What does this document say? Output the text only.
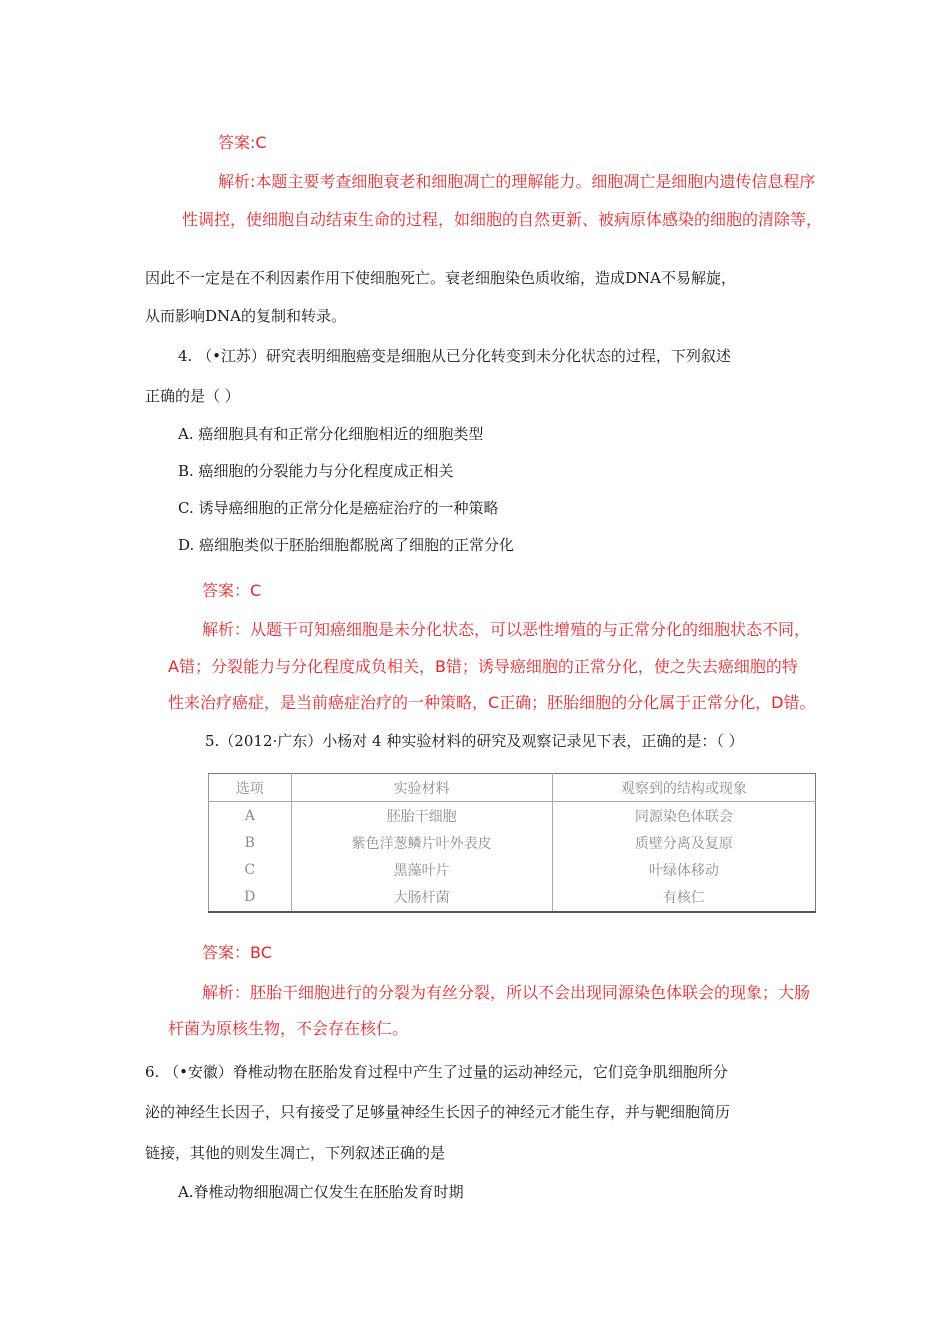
答案:C
解析:本题主要考查细胞衰老和细胞凋亡的理解能力。细胞凋亡是细胞内遗传信息程序
性调控，使细胞自动结束生命的过程，如细胞的自然更新、被病原体感染的细胞的清除等，
因此不一定是在不利因素作用下使细胞死亡。衰老细胞染色质收缩，造成DNA不易解旋，
从而影响DNA的复制和转录。
4. （•江苏）研究表明细胞癌变是细胞从已分化转变到未分化状态的过程，下列叙述
正确的是（ ）
A. 癌细胞具有和正常分化细胞相近的细胞类型
B. 癌细胞的分裂能力与分化程度成正相关
C. 诱导癌细胞的正常分化是癌症治疗的一种策略
D. 癌细胞类似于胚胎细胞都脱离了细胞的正常分化
答案：C
解析：从题干可知癌细胞是未分化状态，可以恶性增殖的与正常分化的细胞状态不同，
A错；分裂能力与分化程度成负相关，B错；诱导癌细胞的正常分化，使之失去癌细胞的特
性来治疗癌症，是当前癌症治疗的一种策略，C正确；胚胎细胞的分化属于正常分化，D错。
5.（2012·广东）小杨对 4 种实验材料的研究及观察记录见下表，正确的是：（ ）
选项	实验材料	观察到的结构或现象
A	胚胎干细胞	同源染色体联会
B	紫色洋葱鳞片叶外表皮	质壁分离及复原
C	黑藻叶片	叶绿体移动
D	大肠杆菌	有核仁
答案：BC
解析：胚胎干细胞进行的分裂为有丝分裂，所以不会出现同源染色体联会的现象；大肠
杆菌为原核生物，不会存在核仁。
6. （•安徽）脊椎动物在胚胎发育过程中产生了过量的运动神经元，它们竞争肌细胞所分
泌的神经生长因子，只有接受了足够量神经生长因子的神经元才能生存，并与靶细胞简历
链接，其他的则发生凋亡，下列叙述正确的是
A.脊椎动物细胞凋亡仅发生在胚胎发育时期
